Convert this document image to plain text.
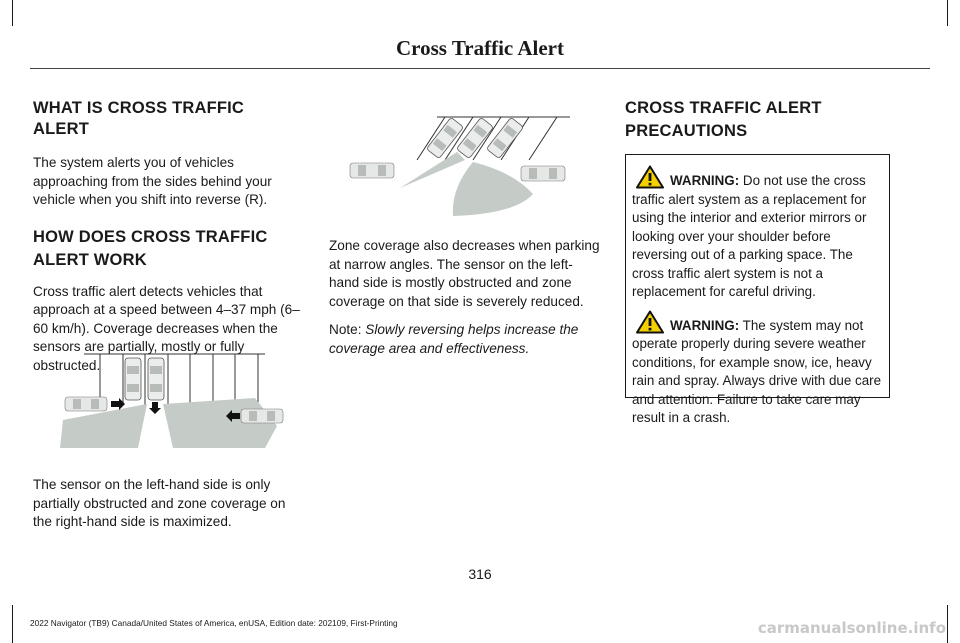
Cross Traffic Alert
WHAT IS CROSS TRAFFIC ALERT

The system alerts you of vehicles approaching from the sides behind your vehicle when you shift into reverse (R).

HOW DOES CROSS TRAFFIC
ALERT WORK

Cross traffic alert detects vehicles that approach at a speed between 4–37 mph (6–60 km/h). Coverage decreases when the sensors are partially, mostly or fully obstructed.

The sensor on the left-hand side is only partially obstructed and zone coverage on the right-hand side is maximized.

Zone coverage also decreases when parking at narrow angles. The sensor on the left-hand side is mostly obstructed and zone coverage on that side is severely reduced.

Note: Slowly reversing helps increase the coverage area and effectiveness.

CROSS TRAFFIC ALERT
PRECAUTIONS

WARNING: Do not use the cross traffic alert system as a replacement for using the interior and exterior mirrors or looking over your shoulder before reversing out of a parking space. The cross traffic alert system is not a replacement for careful driving.

WARNING: The system may not operate properly during severe weather conditions, for example snow, ice, heavy rain and spray. Always drive with due care and attention. Failure to take care may result in a crash.

316
2022 Navigator (TB9) Canada/United States of America, enUSA, Edition date: 202109, First-Printing	carmanualsonline.info
